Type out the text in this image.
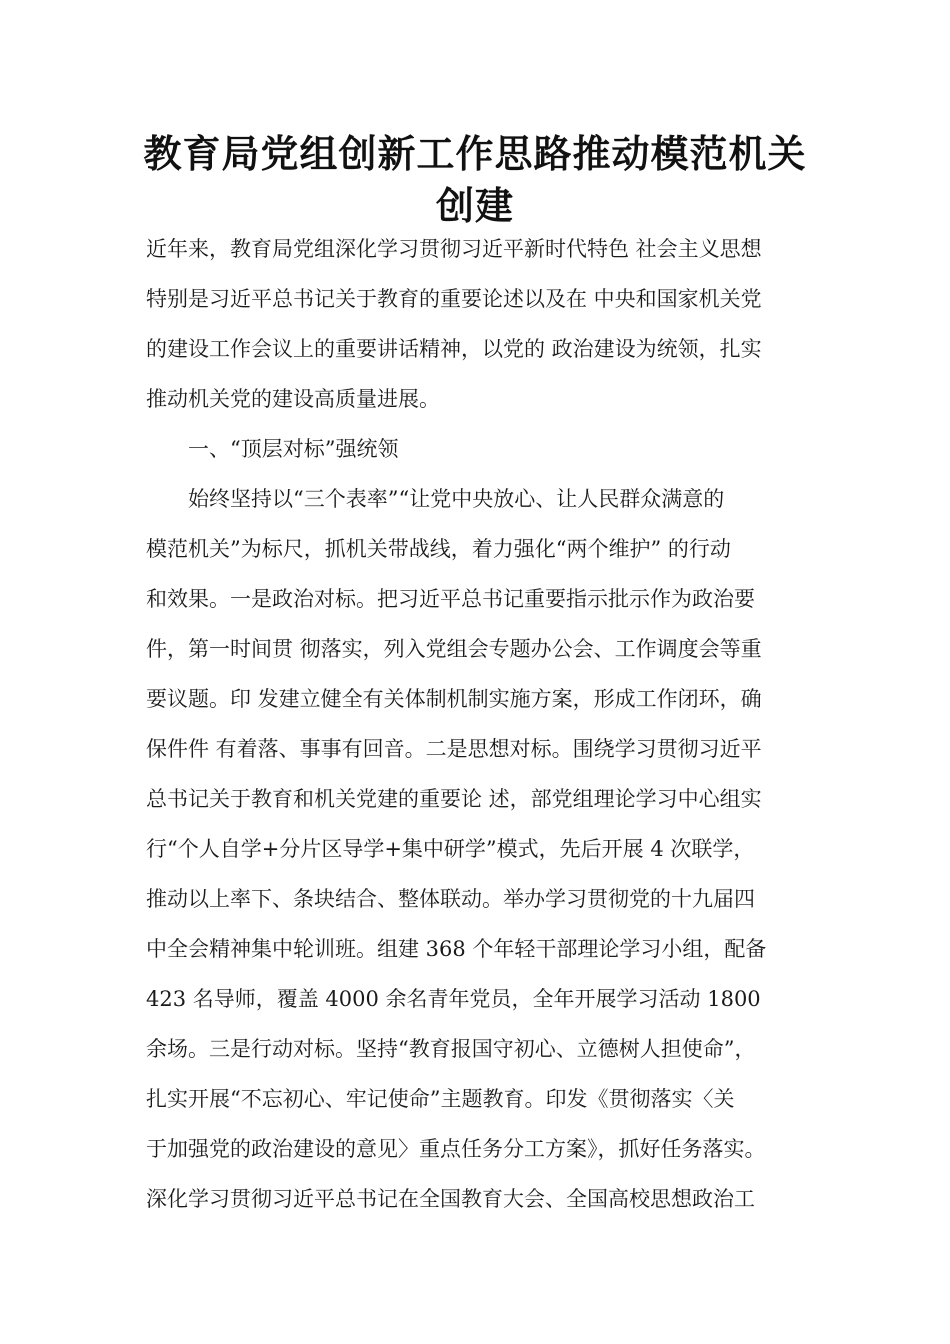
教育局党组创新工作思路推动模范机关
创建
近年来，教育局党组深化学习贯彻习近平新时代特色 社会主义思想
特别是习近平总书记关于教育的重要论述以及在 中央和国家机关党
的建设工作会议上的重要讲话精神，以党的 政治建设为统领，扎实
推动机关党的建设高质量进展。
一、“顶层对标”强统领
始终坚持以“三个表率”“让党中央放心、让人民群众满意的
模范机关”为标尺，抓机关带战线，着力强化“两个维护” 的行动
和效果。一是政治对标。把习近平总书记重要指示批示作为政治要
件，第一时间贯 彻落实，列入党组会专题办公会、工作调度会等重
要议题。印 发建立健全有关体制机制实施方案，形成工作闭环，确
保件件 有着落、事事有回音。二是思想对标。围绕学习贯彻习近平
总书记关于教育和机关党建的重要论 述，部党组理论学习中心组实
行“个人自学+分片区导学+集中研学”模式，先后开展 4 次联学，
推动以上率下、条块结合、整体联动。举办学习贯彻党的十九届四
中全会精神集中轮训班。组建 368 个年轻干部理论学习小组，配备
423 名导师，覆盖 4000 余名青年党员，全年开展学习活动 1800
余场。三是行动对标。坚持“教育报国守初心、立德树人担使命”，
扎实开展“不忘初心、牢记使命”主题教育。印发《贯彻落实〈关
于加强党的政治建设的意见〉重点任务分工方案》，抓好任务落实。
深化学习贯彻习近平总书记在全国教育大会、全国高校思想政治工
